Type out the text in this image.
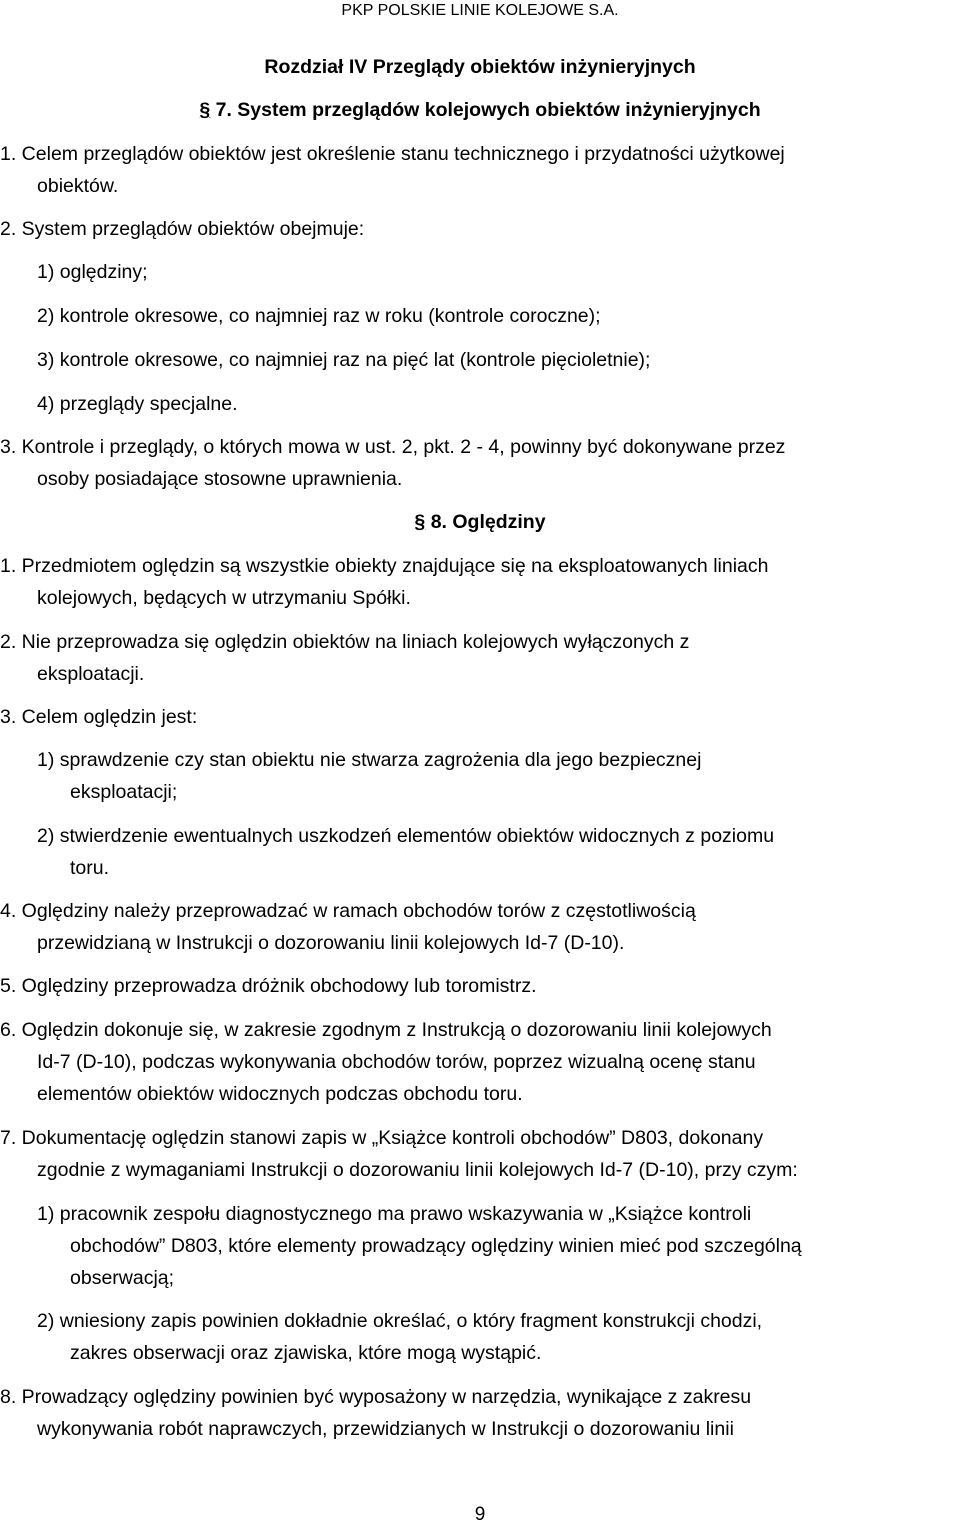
PKP POLSKIE LINIE KOLEJOWE S.A.
Rozdział IV Przeglądy obiektów inżynieryjnych
§ 7. System przeglądów kolejowych obiektów inżynieryjnych
1. Celem przeglądów obiektów jest określenie stanu technicznego i przydatności użytkowej
obiektów.
2. System przeglądów obiektów obejmuje:
1) oględziny;
2) kontrole okresowe, co najmniej raz w roku (kontrole coroczne);
3) kontrole okresowe, co najmniej raz na pięć lat (kontrole pięcioletnie);
4) przeglądy specjalne.
3. Kontrole i przeglądy, o których mowa w ust. 2, pkt. 2 - 4, powinny być dokonywane przez
osoby posiadające stosowne uprawnienia.
§ 8. Oględziny
1. Przedmiotem oględzin są wszystkie obiekty znajdujące się na eksploatowanych liniach
kolejowych, będących w utrzymaniu Spółki.
2. Nie przeprowadza się oględzin obiektów na liniach kolejowych wyłączonych z
eksploatacji.
3. Celem oględzin jest:
1) sprawdzenie czy stan obiektu nie stwarza zagrożenia dla jego bezpiecznej
eksploatacji;
2) stwierdzenie ewentualnych uszkodzeń elementów obiektów widocznych z poziomu
toru.
4. Oględziny należy przeprowadzać w ramach obchodów torów z częstotliwością
przewidzianą w Instrukcji o dozorowaniu linii kolejowych Id-7 (D-10).
5. Oględziny przeprowadza dróżnik obchodowy lub toromistrz.
6. Oględzin dokonuje się, w zakresie zgodnym z Instrukcją o dozorowaniu linii kolejowych
Id-7 (D-10), podczas wykonywania obchodów torów, poprzez wizualną ocenę stanu
elementów obiektów widocznych podczas obchodu toru.
7. Dokumentację oględzin stanowi zapis w „Książce kontroli obchodów” D803, dokonany
zgodnie z wymaganiami Instrukcji o dozorowaniu linii kolejowych Id-7 (D-10), przy czym:
1) pracownik zespołu diagnostycznego ma prawo wskazywania w „Książce kontroli
obchodów” D803, które elementy prowadzący oględziny winien mieć pod szczególną
obserwacją;
2) wniesiony zapis powinien dokładnie określać, o który fragment konstrukcji chodzi,
zakres obserwacji oraz zjawiska, które mogą wystąpić.
8. Prowadzący oględziny powinien być wyposażony w narzędzia, wynikające z zakresu
wykonywania robót naprawczych, przewidzianych w Instrukcji o dozorowaniu linii
9
